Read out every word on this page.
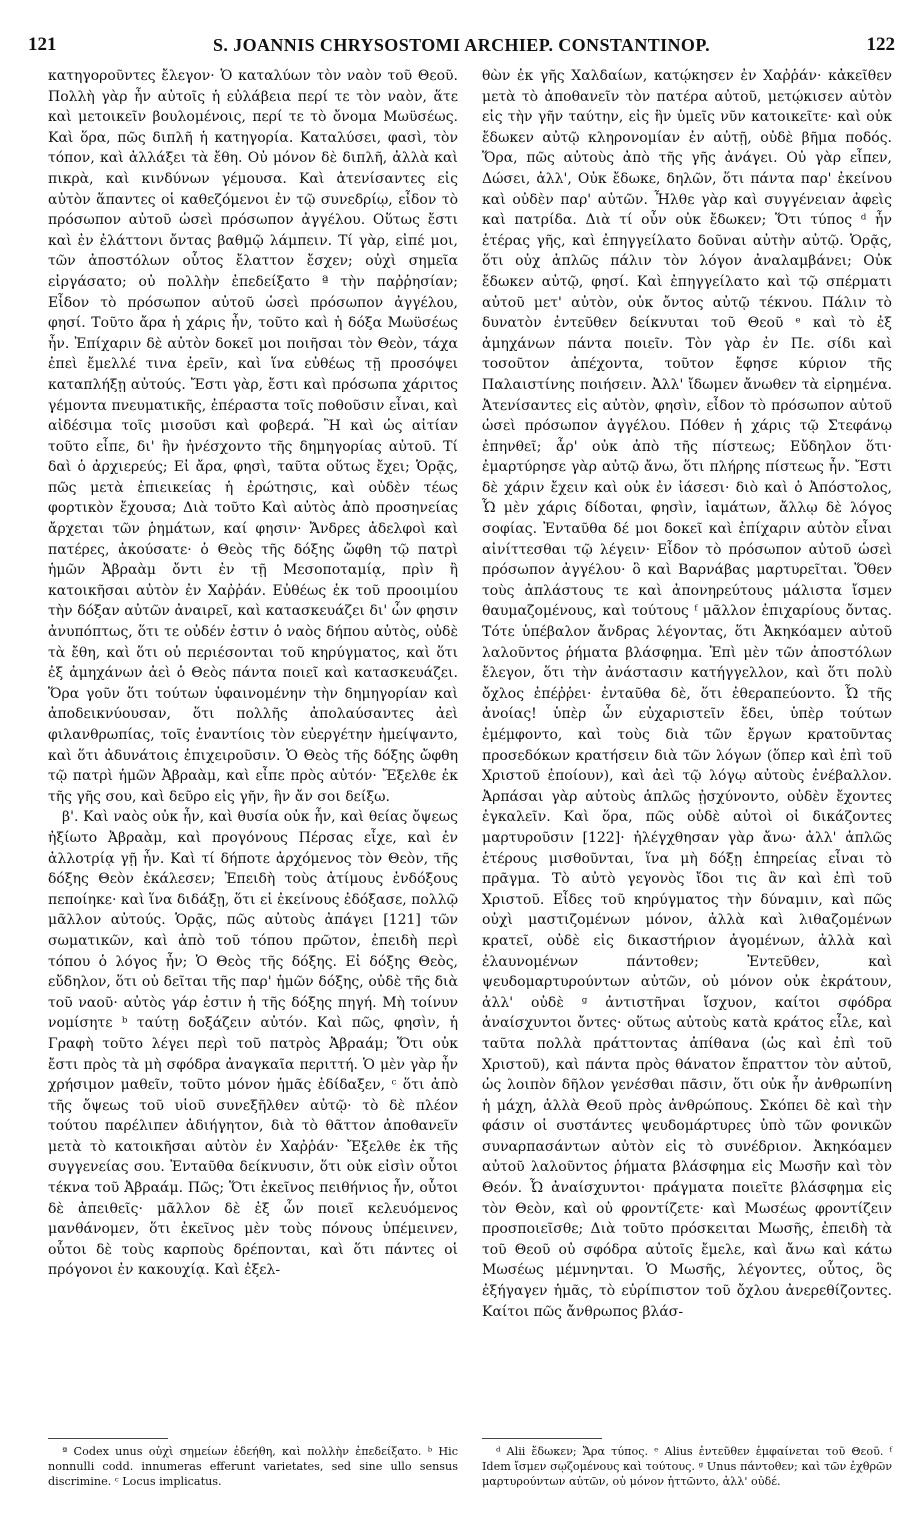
121	S. JOANNIS CHRYSOSTOMI ARCHIEP. CONSTANTINOP.	122

κατηγοροῦντες ἔλεγον· Ὁ καταλύων τὸν ναὸν τοῦ Θεοῦ. Πολλὴ γὰρ ἦν αὐτοῖς ἡ εὐλάβεια περί τε τὸν ναὸν, ἅτε καὶ μετοικεῖν βουλομένοις, περί τε τὸ ὄνομα Μωϋσέως. Καὶ ὅρα, πῶς διπλῆ ἡ κατηγορία. Καταλύσει, φασὶ, τὸν τόπον, καὶ ἀλλάξει τὰ ἔθη. Οὐ μόνον δὲ διπλῆ, ἀλλὰ καὶ πικρὰ, καὶ κινδύνων γέμουσα. Καὶ ἀτενίσαντες εἰς αὐτὸν ἅπαντες οἱ καθεζόμενοι ἐν τῷ συνεδρίῳ, εἶδον τὸ πρόσωπον αὐτοῦ ὡσεὶ πρόσωπον ἀγγέλου. Οὕτως ἔστι καὶ ἐν ἐλάττονι ὄντας βαθμῷ λάμπειν. Τί γὰρ, εἰπέ μοι, τῶν ἀποστόλων οὗτος ἔλαττον ἔσχεν; οὐχὶ σημεῖα εἰργάσατο; οὐ πολλὴν ἐπεδείξατο ª τὴν παῤῥησίαν; Εἶδον τὸ πρόσωπον αὐτοῦ ὡσεὶ πρόσωπον ἀγγέλου, φησί. Τοῦτο ἄρα ἡ χάρις ἦν, τοῦτο καὶ ἡ δόξα Μωϋσέως ἦν. Ἐπίχαριν δὲ αὐτὸν δοκεῖ μοι ποιῆσαι τὸν Θεὸν, τάχα ἐπεὶ ἔμελλέ τινα ἐρεῖν, καὶ ἵνα εὐθέως τῇ προσόψει καταπλήξῃ αὐτούς. Ἔστι γὰρ, ἔστι καὶ πρόσωπα χάριτος γέμοντα πνευματικῆς, ἐπέραστα τοῖς ποθοῦσιν εἶναι, καὶ αἰδέσιμα τοῖς μισοῦσι καὶ φοβερά. Ἢ καὶ ὡς αἰτίαν τοῦτο εἶπε, δι' ἣν ἠνέσχοντο τῆς δημηγορίας αὐτοῦ. Τί δαὶ ὁ ἀρχιερεύς; Εἰ ἄρα, φησὶ, ταῦτα οὕτως ἔχει; Ὁρᾷς, πῶς μετὰ ἐπιεικείας ἡ ἐρώτησις, καὶ οὐδὲν τέως φορτικὸν ἔχουσα; Διὰ τοῦτο Καὶ αὐτὸς ἀπὸ προσηνείας ἄρχεται τῶν ῥημάτων, καί φησιν· Ἄνδρες ἀδελφοὶ καὶ πατέρες, ἀκούσατε· ὁ Θεὸς τῆς δόξης ὤφθη τῷ πατρὶ ἡμῶν Ἀβραὰμ ὄντι ἐν τῇ Μεσοποταμίᾳ, πρὶν ἢ κατοικῆσαι αὐτὸν ἐν Χαῤῥάν. Εὐθέως ἐκ τοῦ προοιμίου τὴν δόξαν αὐτῶν ἀναιρεῖ, καὶ κατασκευάζει δι' ὧν φησιν ἀνυπόπτως, ὅτι τε οὐδέν ἐστιν ὁ ναὸς δήπου αὐτὸς, οὐδὲ τὰ ἔθη, καὶ ὅτι οὐ περιέσονται τοῦ κηρύγματος, καὶ ὅτι ἐξ ἀμηχάνων ἀεὶ ὁ Θεὸς πάντα ποιεῖ καὶ κατασκευάζει. Ὅρα γοῦν ὅτι τούτων ὑφαινομένην τὴν δημηγορίαν καὶ ἀποδεικνύουσαν, ὅτι πολλῆς ἀπολαύσαντες ἀεὶ φιλανθρωπίας, τοῖς ἐναντίοις τὸν εὐεργέτην ἠμείψαντο, καὶ ὅτι ἀδυνάτοις ἐπιχειροῦσιν. Ὁ Θεὸς τῆς δόξης ὤφθη τῷ πατρὶ ἡμῶν Ἀβραὰμ, καὶ εἶπε πρὸς αὐτόν· Ἔξελθε ἐκ τῆς γῆς σου, καὶ δεῦρο εἰς γῆν, ἣν ἄν σοι δείξω.

β'. Καὶ ναὸς οὐκ ἦν, καὶ θυσία οὐκ ἦν, καὶ θείας ὄψεως ἠξίωτο Ἀβραὰμ, καὶ προγόνους Πέρσας εἶχε, καὶ ἐν ἀλλοτρίᾳ γῇ ἦν. Καὶ τί δήποτε ἀρχόμενος τὸν Θεὸν, τῆς δόξης Θεὸν ἐκάλεσεν; Ἐπειδὴ τοὺς ἀτίμους ἐνδόξους πεποίηκε· καὶ ἵνα διδάξῃ, ὅτι εἰ ἐκείνους ἐδόξασε, πολλῷ μᾶλλον αὐτούς. Ὁρᾷς, πῶς αὐτοὺς ἀπάγει [121] τῶν σωματικῶν, καὶ ἀπὸ τοῦ τόπου πρῶτον, ἐπειδὴ περὶ τόπου ὁ λόγος ἦν; Ὁ Θεὸς τῆς δόξης. Εἰ δόξης Θεὸς, εὔδηλον, ὅτι οὐ δεῖται τῆς παρ' ἡμῶν δόξης, οὐδὲ τῆς διὰ τοῦ ναοῦ· αὐτὸς γάρ ἐστιν ἡ τῆς δόξης πηγή. Μὴ τοίνυν νομίσητε ᵇ ταύτῃ δοξάζειν αὐτόν. Καὶ πῶς, φησὶν, ἡ Γραφὴ τοῦτο λέγει περὶ τοῦ πατρὸς Ἀβραάμ; Ὅτι οὐκ ἔστι πρὸς τὰ μὴ σφόδρα ἀναγκαῖα περιττή. Ὁ μὲν γὰρ ἦν χρήσιμον μαθεῖν, τοῦτο μόνον ἡμᾶς ἐδίδαξεν, ᶜ ὅτι ἀπὸ τῆς ὄψεως τοῦ υἱοῦ συνεξῆλθεν αὐτῷ· τὸ δὲ πλέον τούτου παρέλιπεν ἀδιήγητον, διὰ τὸ θᾶττον ἀποθανεῖν μετὰ τὸ κατοικῆσαι αὐτὸν ἐν Χαῤῥάν· Ἔξελθε ἐκ τῆς συγγενείας σου. Ἐνταῦθα δείκνυσιν, ὅτι οὐκ εἰσὶν οὗτοι τέκνα τοῦ Ἀβραάμ. Πῶς; Ὅτι ἐκεῖνος πειθήνιος ἦν, οὗτοι δὲ ἀπειθεῖς· μᾶλλον δὲ ἐξ ὧν ποιεῖ κελευόμενος μανθάνομεν, ὅτι ἐκεῖνος μὲν τοὺς πόνους ὑπέμεινεν, οὗτοι δὲ τοὺς καρποὺς δρέπονται, καὶ ὅτι πάντες οἱ πρόγονοι ἐν κακουχίᾳ. Καὶ ἐξελ-

θὼν ἐκ γῆς Χαλδαίων, κατῴκησεν ἐν Χαῤῥάν· κἀκεῖθεν μετὰ τὸ ἀποθανεῖν τὸν πατέρα αὐτοῦ, μετῴκισεν αὐτὸν εἰς τὴν γῆν ταύτην, εἰς ἣν ὑμεῖς νῦν κατοικεῖτε· καὶ οὐκ ἔδωκεν αὐτῷ κληρονομίαν ἐν αὐτῇ, οὐδὲ βῆμα ποδός. Ὅρα, πῶς αὐτοὺς ἀπὸ τῆς γῆς ἀνάγει. Οὐ γὰρ εἶπεν, Δώσει, ἀλλ', Οὐκ ἔδωκε, δηλῶν, ὅτι πάντα παρ' ἐκείνου καὶ οὐδὲν παρ' αὐτῶν. Ἦλθε γὰρ καὶ συγγένειαν ἀφεὶς καὶ πατρίδα. Διὰ τί οὖν οὐκ ἔδωκεν; Ὅτι τύπος ᵈ ἦν ἑτέρας γῆς, καὶ ἐπηγγείλατο δοῦναι αὐτὴν αὐτῷ. Ὁρᾷς, ὅτι οὐχ ἁπλῶς πάλιν τὸν λόγον ἀναλαμβάνει; Οὐκ ἔδωκεν αὐτῷ, φησί. Καὶ ἐπηγγείλατο καὶ τῷ σπέρματι αὐτοῦ μετ' αὐτὸν, οὐκ ὄντος αὐτῷ τέκνου. Πάλιν τὸ δυνατὸν ἐντεῦθεν δείκνυται τοῦ Θεοῦ ᵉ καὶ τὸ ἐξ ἀμηχάνων πάντα ποιεῖν. Τὸν γὰρ ἐν Πε. σίδι καὶ τοσοῦτον ἀπέχοντα, τοῦτον ἔφησε κύριον τῆς Παλαιστίνης ποιήσειν. Ἀλλ' ἴδωμεν ἄνωθεν τὰ εἰρημένα. Ἀτενίσαντες εἰς αὐτὸν, φησὶν, εἶδον τὸ πρόσωπον αὐτοῦ ὡσεὶ πρόσωπον ἀγγέλου. Πόθεν ἡ χάρις τῷ Στεφάνῳ ἐπηνθεῖ; ἆρ' οὐκ ἀπὸ τῆς πίστεως; Εὔδηλον ὅτι· ἐμαρτύρησε γὰρ αὐτῷ ἄνω, ὅτι πλήρης πίστεως ἦν. Ἔστι δὲ χάριν ἔχειν καὶ οὐκ ἐν ἰάσεσι· διὸ καὶ ὁ Ἀπόστολος, Ὧ μὲν χάρις δίδοται, φησὶν, ἰαμάτων, ἄλλῳ δὲ λόγος σοφίας. Ἐνταῦθα δέ μοι δοκεῖ καὶ ἐπίχαριν αὐτὸν εἶναι αἰνίττεσθαι τῷ λέγειν· Εἶδον τὸ πρόσωπον αὐτοῦ ὡσεὶ πρόσωπον ἀγγέλου· ὃ καὶ Βαρνάβας μαρτυρεῖται. Ὅθεν τοὺς ἀπλάστους τε καὶ ἀπονηρεύτους μάλιστα ἴσμεν θαυμαζομένους, καὶ τούτους ᶠ μᾶλλον ἐπιχαρίους ὄντας. Τότε ὑπέβαλον ἄνδρας λέγοντας, ὅτι Ἀκηκόαμεν αὐτοῦ λαλοῦντος ῥήματα βλάσφημα. Ἐπὶ μὲν τῶν ἀποστόλων ἔλεγον, ὅτι τὴν ἀνάστασιν κατήγγελλον, καὶ ὅτι πολὺ ὄχλος ἐπέῤῥει· ἐνταῦθα δὲ, ὅτι ἐθεραπεύοντο. Ὦ τῆς ἀνοίας! ὑπὲρ ὧν εὐχαριστεῖν ἔδει, ὑπὲρ τούτων ἐμέμφοντο, καὶ τοὺς διὰ τῶν ἔργων κρατοῦντας προσεδόκων κρατήσειν διὰ τῶν λόγων (ὅπερ καὶ ἐπὶ τοῦ Χριστοῦ ἐποίουν), καὶ ἀεὶ τῷ λόγῳ αὐτοὺς ἐνέβαλλον. Ἀρπάσαι γὰρ αὐτοὺς ἁπλῶς ᾐσχύνοντο, οὐδὲν ἔχοντες ἐγκαλεῖν. Καὶ ὅρα, πῶς οὐδὲ αὐτοὶ οἱ δικάζοντες μαρτυροῦσιν [122]· ἠλέγχθησαν γὰρ ἄνω· ἀλλ' ἁπλῶς ἑτέρους μισθοῦνται, ἵνα μὴ δόξῃ ἐπηρείας εἶναι τὸ πρᾶγμα. Τὸ αὐτὸ γεγονὸς ἴδοι τις ἂν καὶ ἐπὶ τοῦ Χριστοῦ. Εἶδες τοῦ κηρύγματος τὴν δύναμιν, καὶ πῶς οὐχὶ μαστιζομένων μόνον, ἀλλὰ καὶ λιθαζομένων κρατεῖ, οὐδὲ εἰς δικαστήριον ἀγομένων, ἀλλὰ καὶ ἐλαυνομένων πάντοθεν; Ἐντεῦθεν, καὶ ψευδομαρτυρούντων αὐτῶν, οὐ μόνον οὐκ ἐκράτουν, ἀλλ' οὐδὲ ᵍ ἀντιστῆναι ἴσχυον, καίτοι σφόδρα ἀναίσχυντοι ὄντες· οὕτως αὐτοὺς κατὰ κράτος εἷλε, καὶ ταῦτα πολλὰ πράττοντας ἀπίθανα (ὡς καὶ ἐπὶ τοῦ Χριστοῦ), καὶ πάντα πρὸς θάνατον ἔπραττον τὸν αὐτοῦ, ὡς λοιπὸν δῆλον γενέσθαι πᾶσιν, ὅτι οὐκ ἦν ἀνθρωπίνη ἡ μάχη, ἀλλὰ Θεοῦ πρὸς ἀνθρώπους. Σκόπει δὲ καὶ τὴν φάσιν οἱ συστάντες ψευδομάρτυρες ὑπὸ τῶν φονικῶν συναρπασάντων αὐτὸν εἰς τὸ συνέδριον. Ἀκηκόαμεν αὐτοῦ λαλοῦντος ῥήματα βλάσφημα εἰς Μωσῆν καὶ τὸν Θεόν. Ὦ ἀναίσχυντοι· πράγματα ποιεῖτε βλάσφημα εἰς τὸν Θεὸν, καὶ οὐ φροντίζετε· καὶ Μωσέως φροντίζειν προσποιεῖσθε; Διὰ τοῦτο πρόσκειται Μωσῆς, ἐπειδὴ τὰ τοῦ Θεοῦ οὐ σφόδρα αὐτοῖς ἔμελε, καὶ ἄνω καὶ κάτω Μωσέως μέμνηνται. Ὁ Μωσῆς, λέγοντες, οὗτος, ὃς ἐξήγαγεν ἡμᾶς, τὸ εὐρίπιστον τοῦ ὄχλου ἀνερεθίζοντες. Καίτοι πῶς ἄνθρωπος βλάσ-

ª Codex unus οὐχὶ σημείων ἐδεήθη, καὶ πολλὴν ἐπεδείξατο. ᵇ Hic nonnulli codd. innumeras efferunt varietates, sed sine ullo sensus discrimine. ᶜ Locus implicatus.

ᵈ Alii ἔδωκεν; Ἄρα τύπος. ᵉ Alius ἐντεῦθεν ἐμφαίνεται τοῦ Θεοῦ. ᶠ Idem ἴσμεν σῳζομένους καὶ τούτους. ᵍ Unus πάντοθεν; καὶ τῶν ἐχθρῶν μαρτυρούντων αὐτῶν, οὐ μόνον ἡττῶντο, ἀλλ' οὐδέ.
